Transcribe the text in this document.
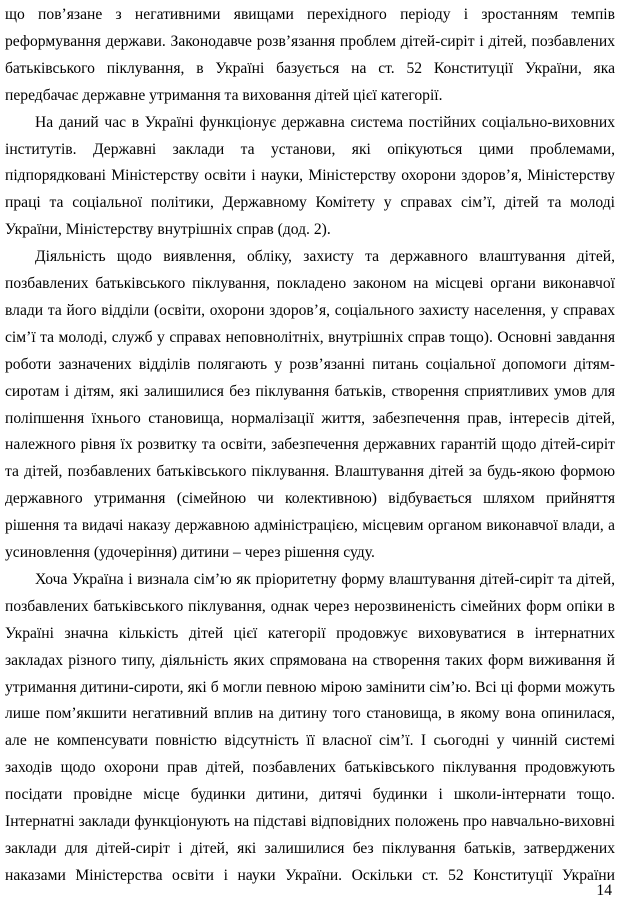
що пов’язане з негативними явищами перехідного періоду і зростанням темпів
реформування держави. Законодавче розв’язання проблем дітей-сиріт і дітей, позбавлених
батьківського піклування, в Україні базується на ст. 52 Конституції України, яка
передбачає державне утримання та виховання дітей цієї категорії.
На даний час в Україні функціонує державна система постійних соціально-виховних
інститутів. Державні заклади та установи, які опікуються цими проблемами,
підпорядковані Міністерству освіти і науки, Міністерству охорони здоров’я, Міністерству
праці та соціальної політики, Державному Комітету у справах сім’ї, дітей та молоді
України, Міністерству внутрішніх справ (дод. 2).
Діяльність щодо виявлення, обліку, захисту та державного влаштування дітей,
позбавлених батьківського піклування, покладено законом на місцеві органи виконавчої
влади та його відділи (освіти, охорони здоров’я, соціального захисту населення, у справах
сім’ї та молоді, служб у справах неповнолітніх, внутрішніх справ тощо). Основні завдання
роботи зазначених відділів полягають у розв’язанні питань соціальної допомоги дітям-
сиротам і дітям, які залишилися без піклування батьків, створення сприятливих умов для
поліпшення їхнього становища, нормалізації життя, забезпечення прав, інтересів дітей,
належного рівня їх розвитку та освіти, забезпечення державних гарантій щодо дітей-сиріт
та дітей, позбавлених батьківського піклування. Влаштування дітей за будь-якою формою
державного утримання (сімейною чи колективною) відбувається шляхом прийняття
рішення та видачі наказу державною адміністрацією, місцевим органом виконавчої влади, а
усиновлення (удочеріння) дитини – через рішення суду.
Хоча Україна і визнала сім’ю як пріоритетну форму влаштування дітей-сиріт та дітей,
позбавлених батьківського піклування, однак через нерозвиненість сімейних форм опіки в
Україні значна кількість дітей цієї категорії продовжує виховуватися в інтернатних
закладах різного типу, діяльність яких спрямована на створення таких форм виживання й
утримання дитини-сироти, які б могли певною мірою замінити сім’ю. Всі ці форми можуть
лише пом’якшити негативний вплив на дитину того становища, в якому вона опинилася,
але не компенсувати повністю відсутність її власної сім’ї. І сьогодні у чинній системі
заходів щодо охорони прав дітей, позбавлених батьківського піклування продовжують
посідати провідне місце будинки дитини, дитячі будинки і школи-інтернати тощо.
Інтернатні заклади функціонують на підставі відповідних положень про навчально-виховні
заклади для дітей-сиріт і дітей, які залишилися без піклування батьків, затверджених
наказами Міністерства освіти і науки України. Оскільки ст. 52 Конституції України
14
